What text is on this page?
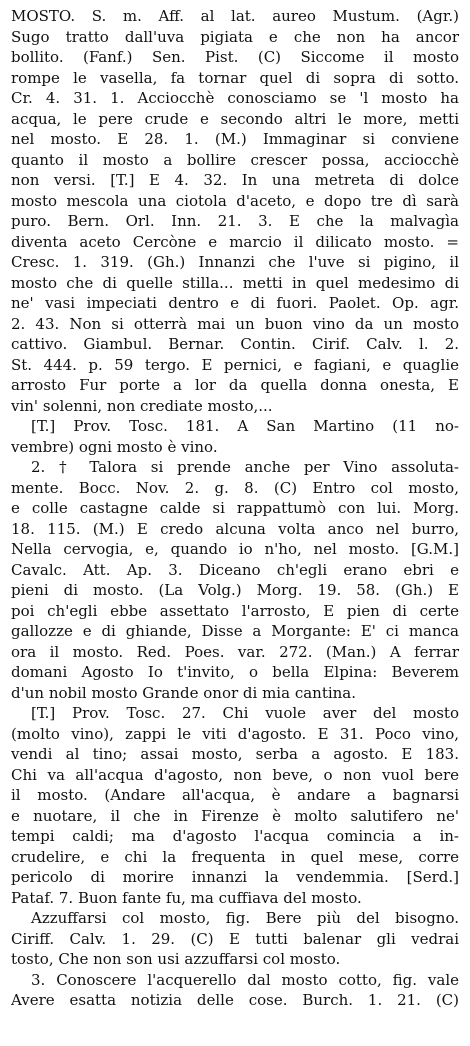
MOSTO. S. m. Aff. al lat. aureo Mustum. (Agr.)
Sugo tratto dall'uva pigiata e che non ha ancor
bollito. (Fanf.) Sen. Pist. (C) Siccome il mosto
rompe le vasella, fa tornar quel di sopra di sotto.
Cr. 4. 31. 1. Acciocchè conosciamo se 'l mosto ha
acqua, le pere crude e secondo altri le more, metti
nel mosto. E 28. 1. (M.) Immaginar si conviene
quanto il mosto a bollire crescer possa, acciocchè
non versi. [T.] E 4. 32. In una metreta di dolce
mosto mescola una ciotola d'aceto, e dopo tre dì sarà
puro. Bern. Orl. Inn. 21. 3. E che la malvagìa
diventa aceto Cercòne e marcio il dilicato mosto. =
Cresc. 1. 319. (Gh.) Innanzi che l'uve si pigino, il
mosto che di quelle stilla... metti in quel medesimo di
ne' vasi impeciati dentro e di fuori. Paolet. Op. agr.
2. 43. Non si otterrà mai un buon vino da un mosto
cattivo. Giambul. Bernar. Contin. Cirif. Calv. l. 2.
St. 444. p. 59 tergo. E pernici, e fagiani, e quaglie
arrosto Fur porte a lor da quella donna onesta, E
vin' solenni, non crediate mosto,...
[T.] Prov. Tosc. 181. A San Martino (11 no-
vembre) ogni mosto è vino.
2. † Talora si prende anche per Vino assoluta-
mente. Bocc. Nov. 2. g. 8. (C) Entro col mosto,
e colle castagne calde si rappattumò con lui. Morg.
18. 115. (M.) E credo alcuna volta anco nel burro,
Nella cervogia, e, quando io n'ho, nel mosto. [G.M.]
Cavalc. Att. Ap. 3. Diceano ch'egli erano ebri e
pieni di mosto. (La Volg.) Morg. 19. 58. (Gh.) E
poi ch'egli ebbe assettato l'arrosto, E pien di certe
gallozze e di ghiande, Disse a Morgante: E' ci manca
ora il mosto. Red. Poes. var. 272. (Man.) A ferrar
domani Agosto Io t'invito, o bella Elpina: Beverem
d'un nobil mosto Grande onor di mia cantina.
[T.] Prov. Tosc. 27. Chi vuole aver del mosto
(molto vino), zappi le viti d'agosto. E 31. Poco vino,
vendi al tino; assai mosto, serba a agosto. E 183.
Chi va all'acqua d'agosto, non beve, o non vuol bere
il mosto. (Andare all'acqua, è andare a bagnarsi
e nuotare, il che in Firenze è molto salutifero ne'
tempi caldi; ma d'agosto l'acqua comincia a in-
crudelire, e chi la frequenta in quel mese, corre
pericolo di morire innanzi la vendemmia. [Serd.]
Pataf. 7. Buon fante fu, ma cuffiava del mosto.
Azzuffarsi col mosto, fig. Bere più del bisogno.
Ciriff. Calv. 1. 29. (C) E tutti balenar gli vedrai
tosto, Che non son usi azzuffarsi col mosto.
3. Conoscere l'acquerello dal mosto cotto, fig. vale
Avere esatta notizia delle cose. Burch. 1. 21. (C)
